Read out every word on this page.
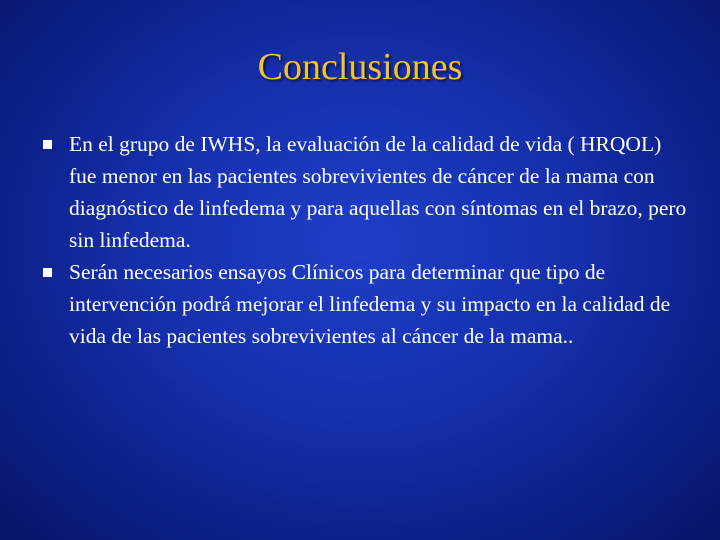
Conclusiones
En el grupo de IWHS, la evaluación de la calidad de vida ( HRQOL) fue menor en las pacientes sobrevivientes de cáncer de la mama con diagnóstico de linfedema y para aquellas con síntomas en el brazo, pero sin linfedema.
Serán necesarios ensayos Clínicos para determinar que tipo de intervención podrá mejorar el linfedema y su impacto en la calidad de vida de las pacientes sobrevivientes al cáncer de la mama..
